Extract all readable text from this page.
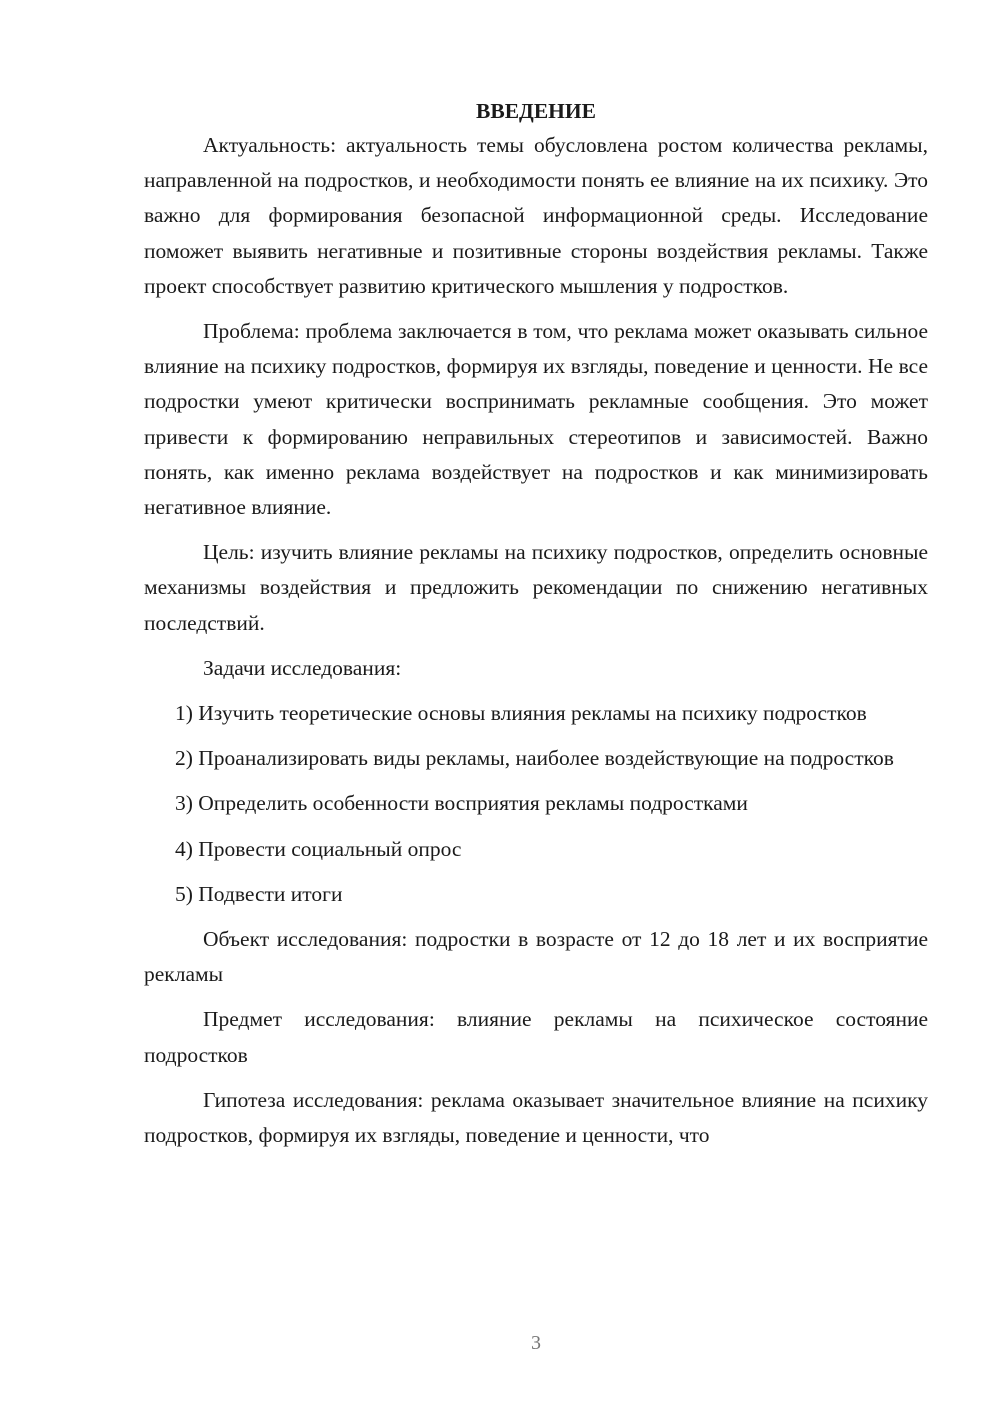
ВВЕДЕНИЕ

Актуальность: актуальность темы обусловлена ростом количества рекламы, направленной на подростков, и необходимости понять ее влияние на их психику. Это важно для формирования безопасной информационной среды. Исследование поможет выявить негативные и позитивные стороны воздействия рекламы. Также проект способствует развитию критического мышления у подростков.

Проблема: проблема заключается в том, что реклама может оказывать сильное влияние на психику подростков, формируя их взгляды, поведение и ценности. Не все подростки умеют критически воспринимать рекламные сообщения. Это может привести к формированию неправильных стереотипов и зависимостей. Важно понять, как именно реклама воздействует на подростков и как минимизировать негативное влияние.

Цель: изучить влияние рекламы на психику подростков, определить основные механизмы воздействия и предложить рекомендации по снижению негативных последствий.

Задачи исследования:

1) Изучить теоретические основы влияния рекламы на психику подростков

2) Проанализировать виды рекламы, наиболее воздействующие на подростков

3) Определить особенности восприятия рекламы подростками

4) Провести социальный опрос

5) Подвести итоги

Объект исследования: подростки в возрасте от 12 до 18 лет и их восприятие рекламы

Предмет исследования: влияние рекламы на психическое состояние подростков

Гипотеза исследования: реклама оказывает значительное влияние на психику подростков, формируя их взгляды, поведение и ценности, что

3
